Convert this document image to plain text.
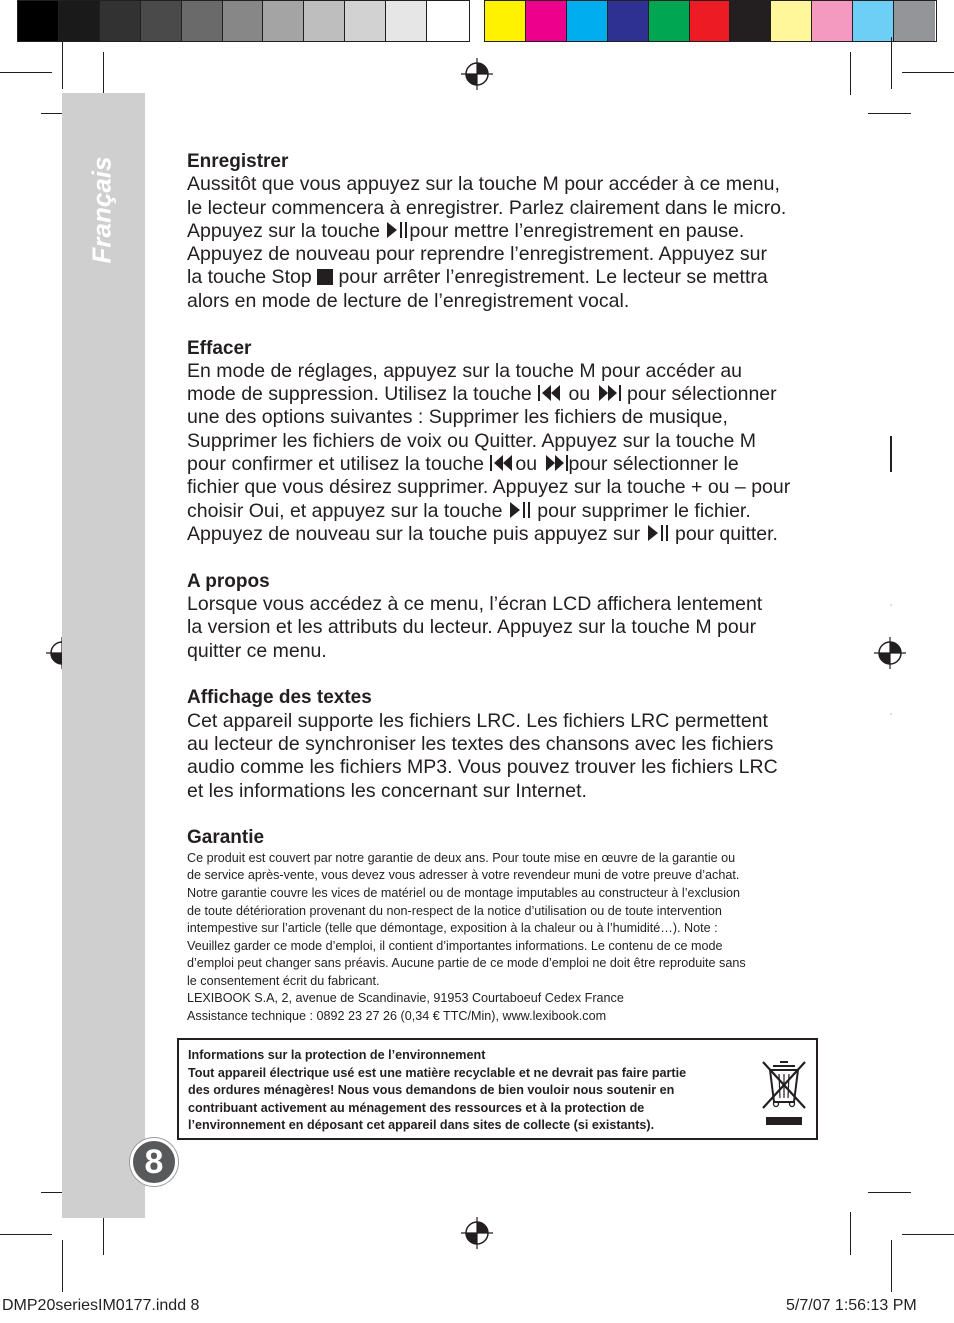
Français
8
Enregistrer
Aussitôt que vous appuyez sur la touche M pour accéder à ce menu,
le lecteur commencera à enregistrer. Parlez clairement dans le micro.
Appuyez sur la touche pour mettre l’enregistrement en pause.
Appuyez de nouveau pour reprendre l’enregistrement. Appuyez sur
la touche Stop  pour arrêter l’enregistrement. Le lecteur se mettra
alors en mode de lecture de l’enregistrement vocal.
Effacer
En mode de réglages, appuyez sur la touche M pour accéder au
mode de suppression. Utilisez la touche  ou  pour sélectionner
une des options suivantes : Supprimer les fichiers de musique,
Supprimer les fichiers de voix ou Quitter. Appuyez sur la touche M
pour confirmer et utilisez la touche ou pour sélectionner le
fichier que vous désirez supprimer. Appuyez sur la touche + ou – pour
choisir Oui, et appuyez sur la touche  pour supprimer le fichier.
Appuyez de nouveau sur la touche puis appuyez sur  pour quitter.
A propos
Lorsque vous accédez à ce menu, l’écran LCD affichera lentement
la version et les attributs du lecteur. Appuyez sur la touche M pour
quitter ce menu.
Affichage des textes
Cet appareil supporte les fichiers LRC. Les fichiers LRC permettent
au lecteur de synchroniser les textes des chansons avec les fichiers
audio comme les fichiers MP3. Vous pouvez trouver les fichiers LRC
et les informations les concernant sur Internet.
Garantie
Ce produit est couvert par notre garantie de deux ans. Pour toute mise en œuvre de la garantie ou
de service après-vente, vous devez vous adresser à votre revendeur muni de votre preuve d’achat.
Notre garantie couvre les vices de matériel ou de montage imputables au constructeur à l’exclusion
de toute détérioration provenant du non-respect de la notice d’utilisation ou de toute intervention
intempestive sur l’article (telle que démontage, exposition à la chaleur ou à l’humidité…). Note :
Veuillez garder ce mode d’emploi, il contient d’importantes informations. Le contenu de ce mode
d’emploi peut changer sans préavis. Aucune partie de ce mode d’emploi ne doit être reproduite sans
le consentement écrit du fabricant.
LEXIBOOK S.A, 2, avenue de Scandinavie, 91953 Courtaboeuf Cedex France
Assistance technique : 0892 23 27 26 (0,34 € TTC/Min), www.lexibook.com
Informations sur la protection de l’environnement
Tout appareil électrique usé est une matière recyclable et ne devrait pas faire partie
des ordures ménagères! Nous vous demandons de bien vouloir nous soutenir en
contribuant activement au ménagement des ressources et à la protection de
l’environnement en déposant cet appareil dans sites de collecte (si existants).
DMP20seriesIM0177.indd 8	5/7/07 1:56:13 PM
